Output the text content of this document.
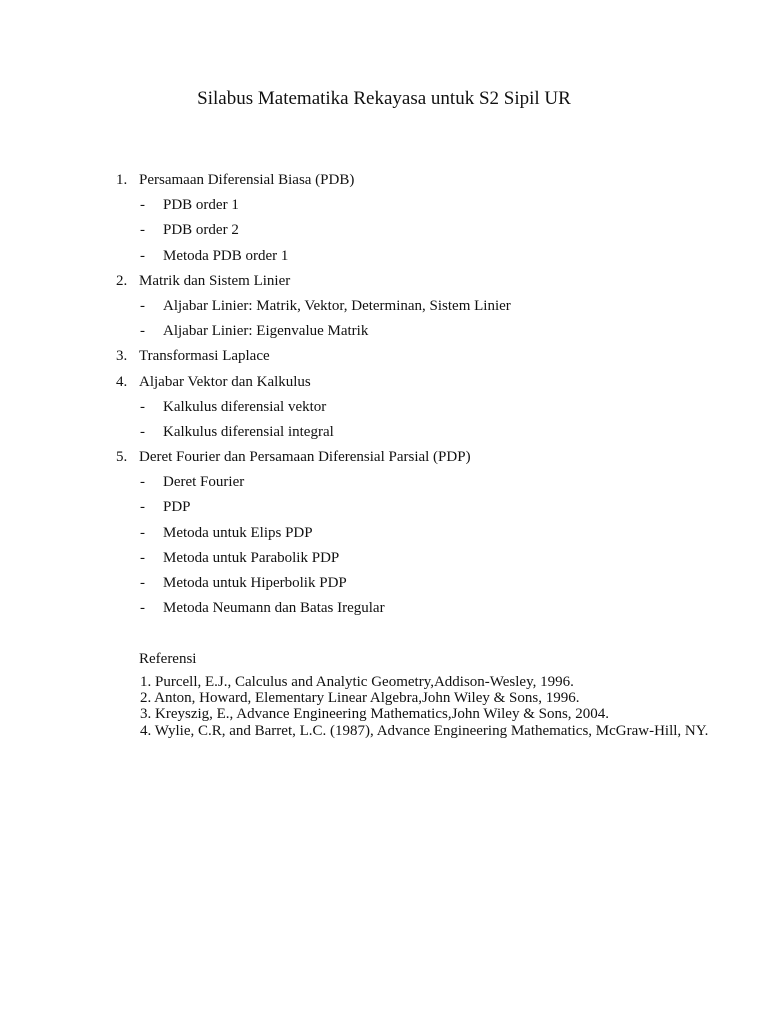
Silabus Matematika Rekayasa untuk S2 Sipil UR
1. Persamaan Diferensial Biasa (PDB)
- PDB order 1
- PDB order 2
- Metoda PDB order 1
2. Matrik dan Sistem Linier
- Aljabar Linier: Matrik, Vektor, Determinan, Sistem Linier
- Aljabar Linier: Eigenvalue Matrik
3. Transformasi Laplace
4. Aljabar Vektor dan Kalkulus
- Kalkulus diferensial vektor
- Kalkulus diferensial integral
5. Deret Fourier dan Persamaan Diferensial Parsial (PDP)
- Deret Fourier
- PDP
- Metoda untuk Elips PDP
- Metoda untuk Parabolik PDP
- Metoda untuk Hiperbolik PDP
- Metoda Neumann dan Batas Iregular
Referensi
1. Purcell, E.J., Calculus and Analytic Geometry,Addison-Wesley, 1996.
2. Anton, Howard, Elementary Linear Algebra,John Wiley & Sons, 1996.
3. Kreyszig, E., Advance Engineering Mathematics,John Wiley & Sons, 2004.
4. Wylie, C.R, and Barret, L.C. (1987), Advance Engineering Mathematics, McGraw-Hill, NY.
